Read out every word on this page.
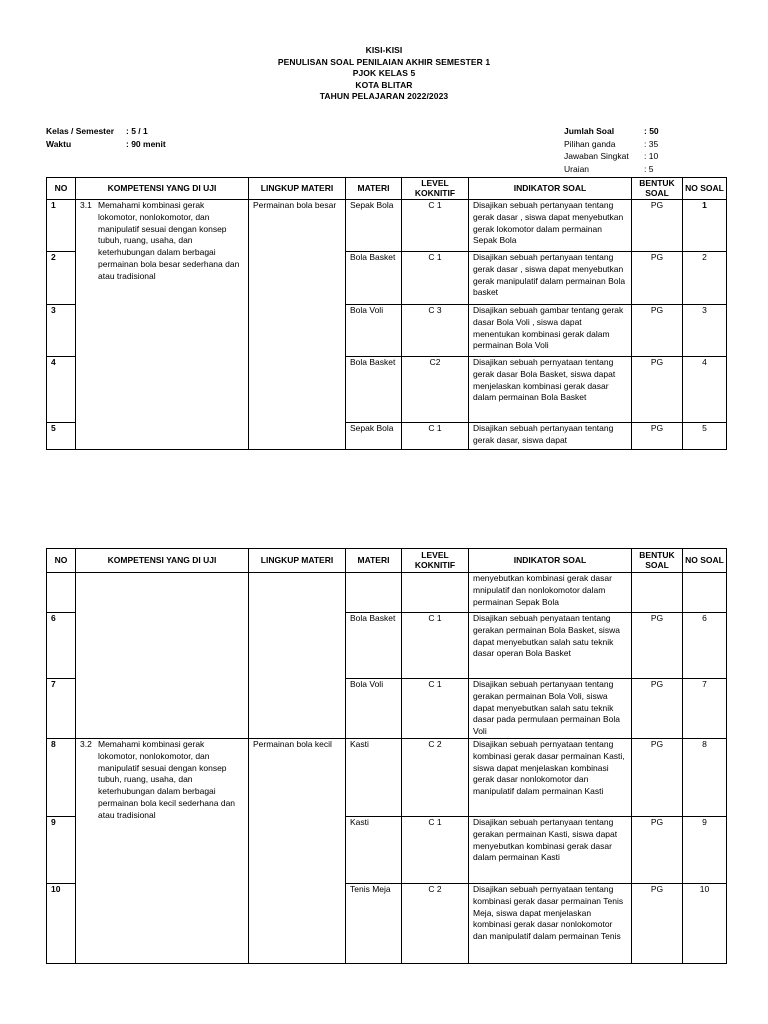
KISI-KISI
PENULISAN SOAL PENILAIAN AKHIR SEMESTER 1
PJOK KELAS 5
KOTA BLITAR
TAHUN PELAJARAN 2022/2023
Kelas / Semester	: 5 / 1
Waktu	: 90 menit
Jumlah Soal	: 50
Pilihan ganda	: 35
Jawaban Singkat	: 10
Uraian	: 5
NO	KOMPETENSI YANG DI UJI	LINGKUP MATERI	MATERI	LEVEL KOKNITIF	INDIKATOR SOAL	BENTUK SOAL	NO SOAL
1	3.1 Memahami kombinasi gerak lokomotor, nonlokomotor, dan manipulatif sesuai dengan konsep tubuh, ruang, usaha, dan keterhubungan dalam berbagai permainan bola besar sederhana dan atau tradisional	Permainan bola besar	Sepak Bola	C 1	Disajikan sebuah pertanyaan tentang gerak dasar , siswa dapat menyebutkan gerak lokomotor dalam permainan Sepak Bola	PG	1
2			Bola Basket	C 1	Disajikan sebuah pertanyaan tentang gerak dasar , siswa dapat menyebutkan gerak manipulatif dalam permainan Bola basket	PG	2
3			Bola Voli	C 3	Disajikan sebuah gambar tentang gerak dasar Bola Voli , siswa dapat menentukan kombinasi gerak dalam permainan Bola Voli	PG	3
4			Bola Basket	C2	Disajikan sebuah pernyataan tentang gerak dasar Bola Basket, siswa dapat menjelaskan kombinasi gerak dasar dalam permainan Bola Basket	PG	4
5			Sepak Bola	C 1	Disajikan sebuah pertanyaan tentang gerak dasar, siswa dapat	PG	5
NO	KOMPETENSI YANG DI UJI	LINGKUP MATERI	MATERI	LEVEL KOKNITIF	INDIKATOR SOAL	BENTUK SOAL	NO SOAL
					menyebutkan kombinasi gerak dasar mnipulatif dan nonlokomotor dalam permainan Sepak Bola		
6			Bola Basket	C 1	Disajikan sebuah penyataan tentang gerakan permainan Bola Basket, siswa dapat menyebutkan salah satu teknik dasar operan Bola Basket	PG	6
7			Bola Voli	C 1	Disajikan sebuah pertanyaan tentang gerakan permainan Bola Voli, siswa dapat menyebutkan salah satu teknik dasar pada permulaan permainan Bola Voli	PG	7
8	3.2 Memahami kombinasi gerak lokomotor, nonlokomotor, dan manipulatif sesuai dengan konsep tubuh, ruang, usaha, dan keterhubungan dalam berbagai permainan bola kecil sederhana dan atau tradisional	Permainan bola kecil	Kasti	C 2	Disajikan sebuah pernyataan tentang kombinasi gerak dasar permainan Kasti, siswa dapat menjelaskan kombinasi gerak dasar nonlokomotor dan manipulatif dalam permainan Kasti	PG	8
9			Kasti	C 1	Disajikan sebuah pertanyaan tentang gerakan permainan Kasti, siswa dapat menyebutkan kombinasi gerak dasar dalam permainan Kasti	PG	9
10			Tenis Meja	C 2	Disajikan sebuah pernyataan tentang kombinasi gerak dasar permainan Tenis Meja, siswa dapat menjelaskan kombinasi gerak dasar nonlokomotor dan manipulatif dalam permainan Tenis	PG	10
